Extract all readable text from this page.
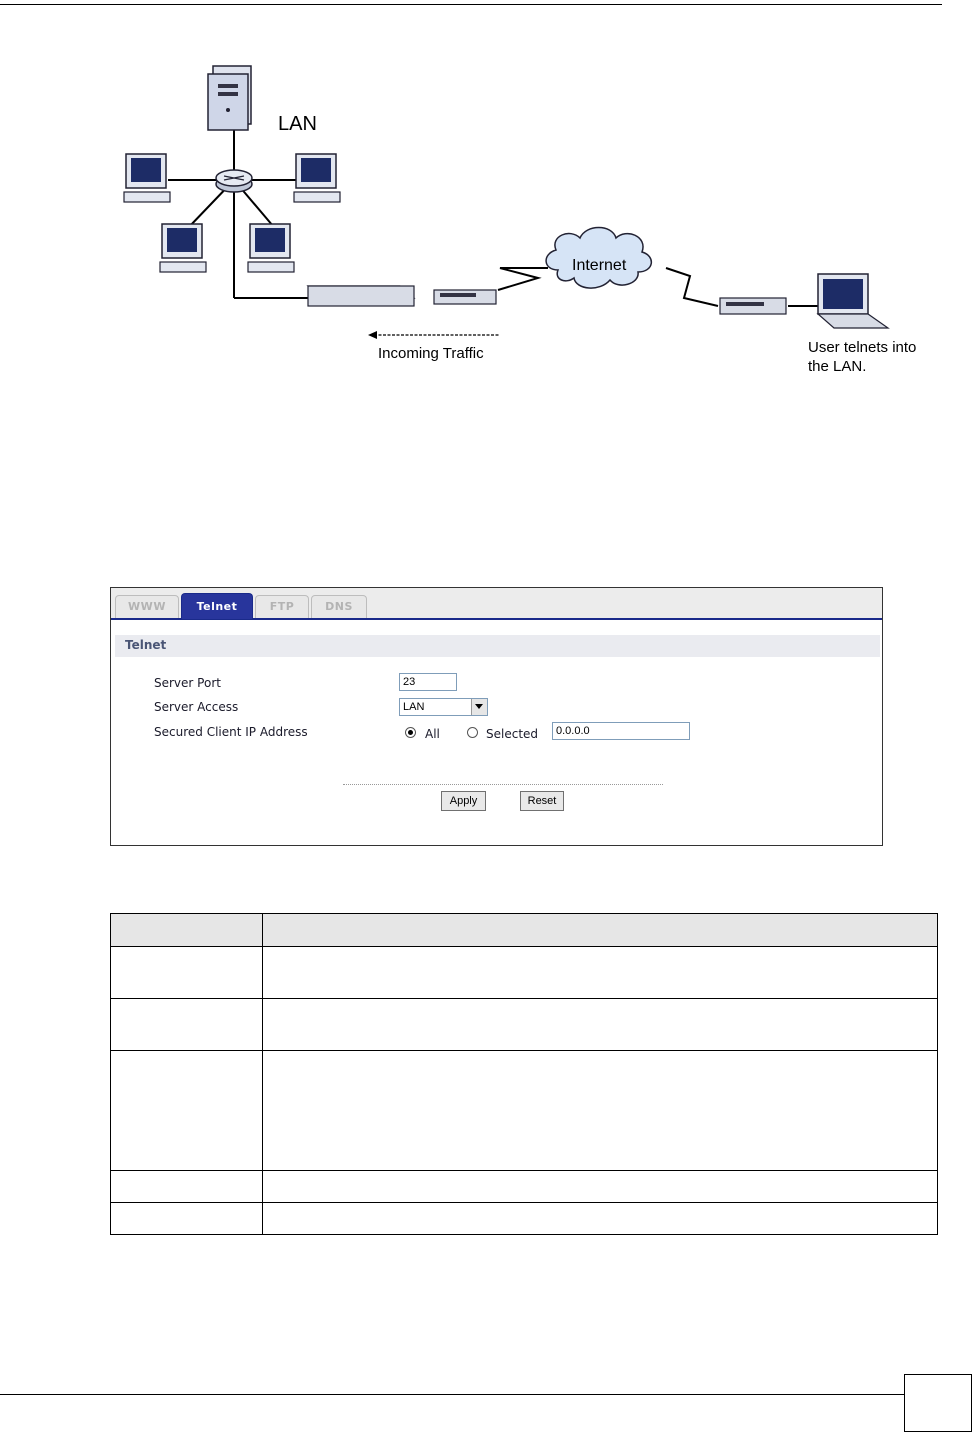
LAN
Incoming Traffic
Internet
User telnets into
the LAN.
WWW	Telnet	FTP	DNS
Telnet
Server Port	23
Server Access	LAN
Secured Client IP Address	All	Selected	0.0.0.0
Apply	Reset
